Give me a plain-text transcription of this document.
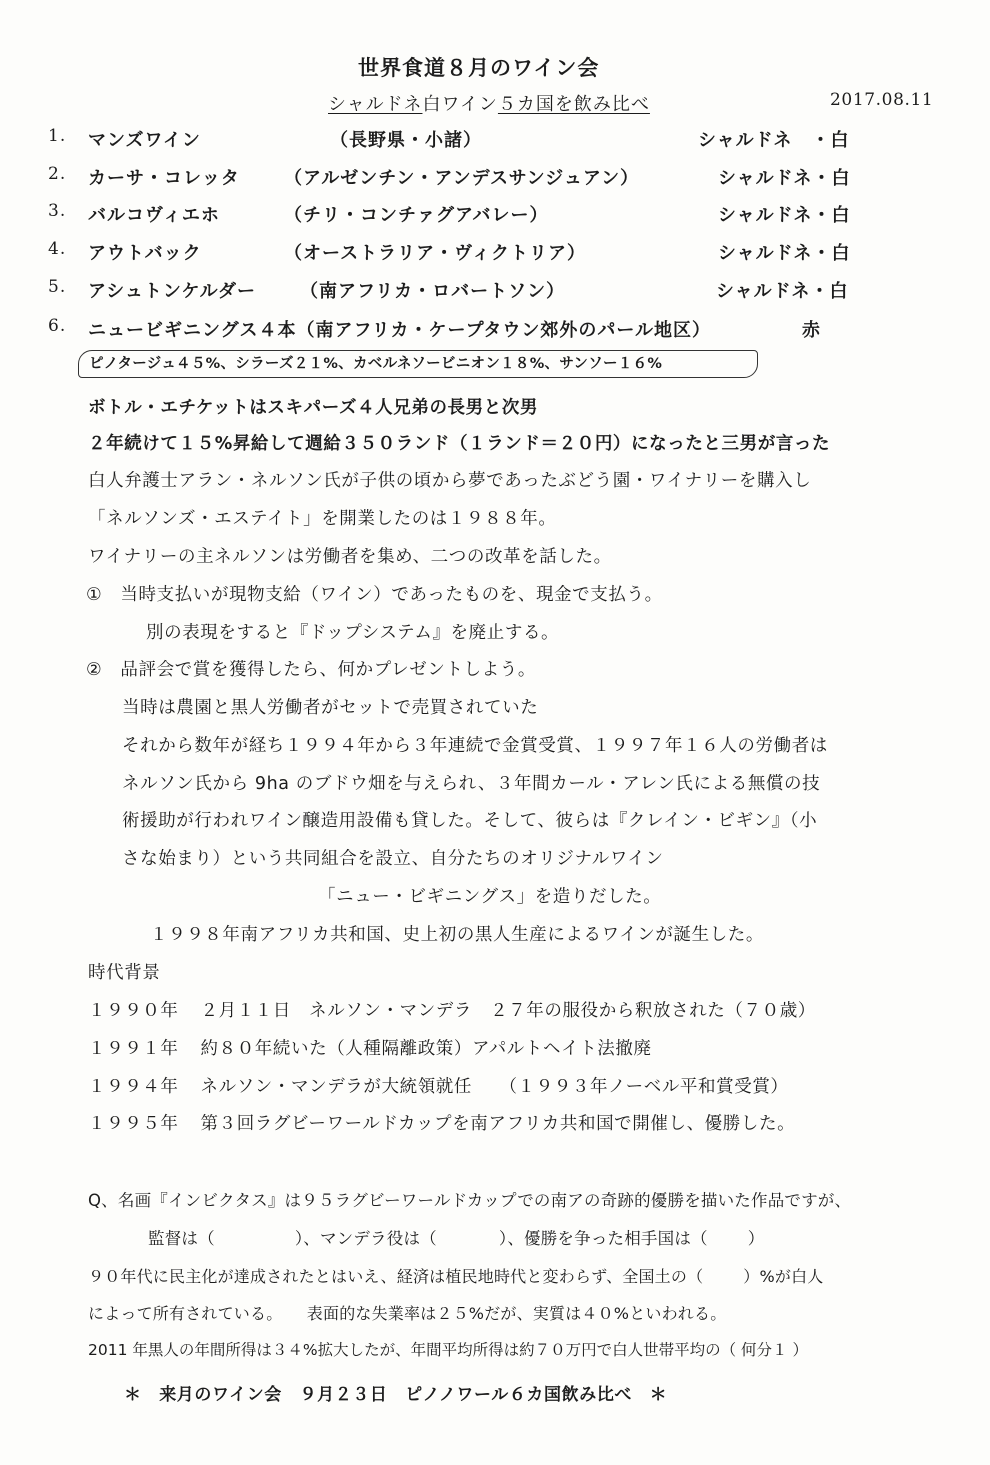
世界食道８月のワイン会
シャルドネ白ワイン５カ国を飲み比べ	2017.08.11
1. マンズワイン	（長野県・小諸）	シャルドネ　・白
2. カーサ・コレッタ （アルゼンチン・アンデスサンジュアン）	シャルドネ・白
3. バルコヴィエホ	（チリ・コンチァグアバレー）	シャルドネ・白
4. アウトバック	（オーストラリア・ヴィクトリア）	シャルドネ・白
5. アシュトンケルダー （南アフリカ・ロバートソン）	シャルドネ・白
6. ニュービギニングス４本（南アフリカ・ケープタウン郊外のパール地区）	赤
ピノタージュ４５%、シラーズ２１%、カベルネソービニオン１８%、サンソー１６%
ボトル・エチケットはスキパーズ４人兄弟の長男と次男
２年続けて１５%昇給して週給３５０ランド（１ランド＝２０円）になったと三男が言った
白人弁護士アラン・ネルソン氏が子供の頃から夢であったぶどう園・ワイナリーを購入し
「ネルソンズ・エステイト」を開業したのは１９８８年。
ワイナリーの主ネルソンは労働者を集め、二つの改革を話した。
①　当時支払いが現物支給（ワイン）であったものを、現金で支払う。
別の表現をすると『ドップシステム』を廃止する。
②　品評会で賞を獲得したら、何かプレゼントしよう。
当時は農園と黒人労働者がセットで売買されていた
それから数年が経ち１９９４年から３年連続で金賞受賞、１９９７年１６人の労働者は
ネルソン氏から 9ha のブドウ畑を与えられ、３年間カール・アレン氏による無償の技
術援助が行われワイン醸造用設備も貸した。そして、彼らは『クレイン・ビギン』（小
さな始まり）という共同組合を設立、自分たちのオリジナルワイン
「ニュー・ビギニングス」を造りだした。
１９９８年南アフリカ共和国、史上初の黒人生産によるワインが誕生した。
時代背景
１９９０年 ２月１１日　ネルソン・マンデラ　２７年の服役から釈放された（７０歳）
１９９１年 約８０年続いた（人種隔離政策）アパルトヘイト法撤廃
１９９４年 ネルソン・マンデラが大統領就任　　（１９９３年ノーベル平和賞受賞）
１９９５年 第３回ラグビーワールドカップを南アフリカ共和国で開催し、優勝した。
Q、名画『インビクタス』は９５ラグビーワールドカップでの南アの奇跡的優勝を描いた作品ですが、
監督は（	）、マンデラ役は（	）、優勝を争った相手国は（ ）
９０年代に民主化が達成されたとはいえ、経済は植民地時代と変わらず、全国土の（	）%が白人
によって所有されている。　　表面的な失業率は２５%だが、実質は４０%といわれる。
2011 年黒人の年間所得は３４%拡大したが、年間平均所得は約７０万円で白人世帯平均の（ 何分１ ）
＊　来月のワイン会　９月２３日　ピノノワール６カ国飲み比べ　＊
